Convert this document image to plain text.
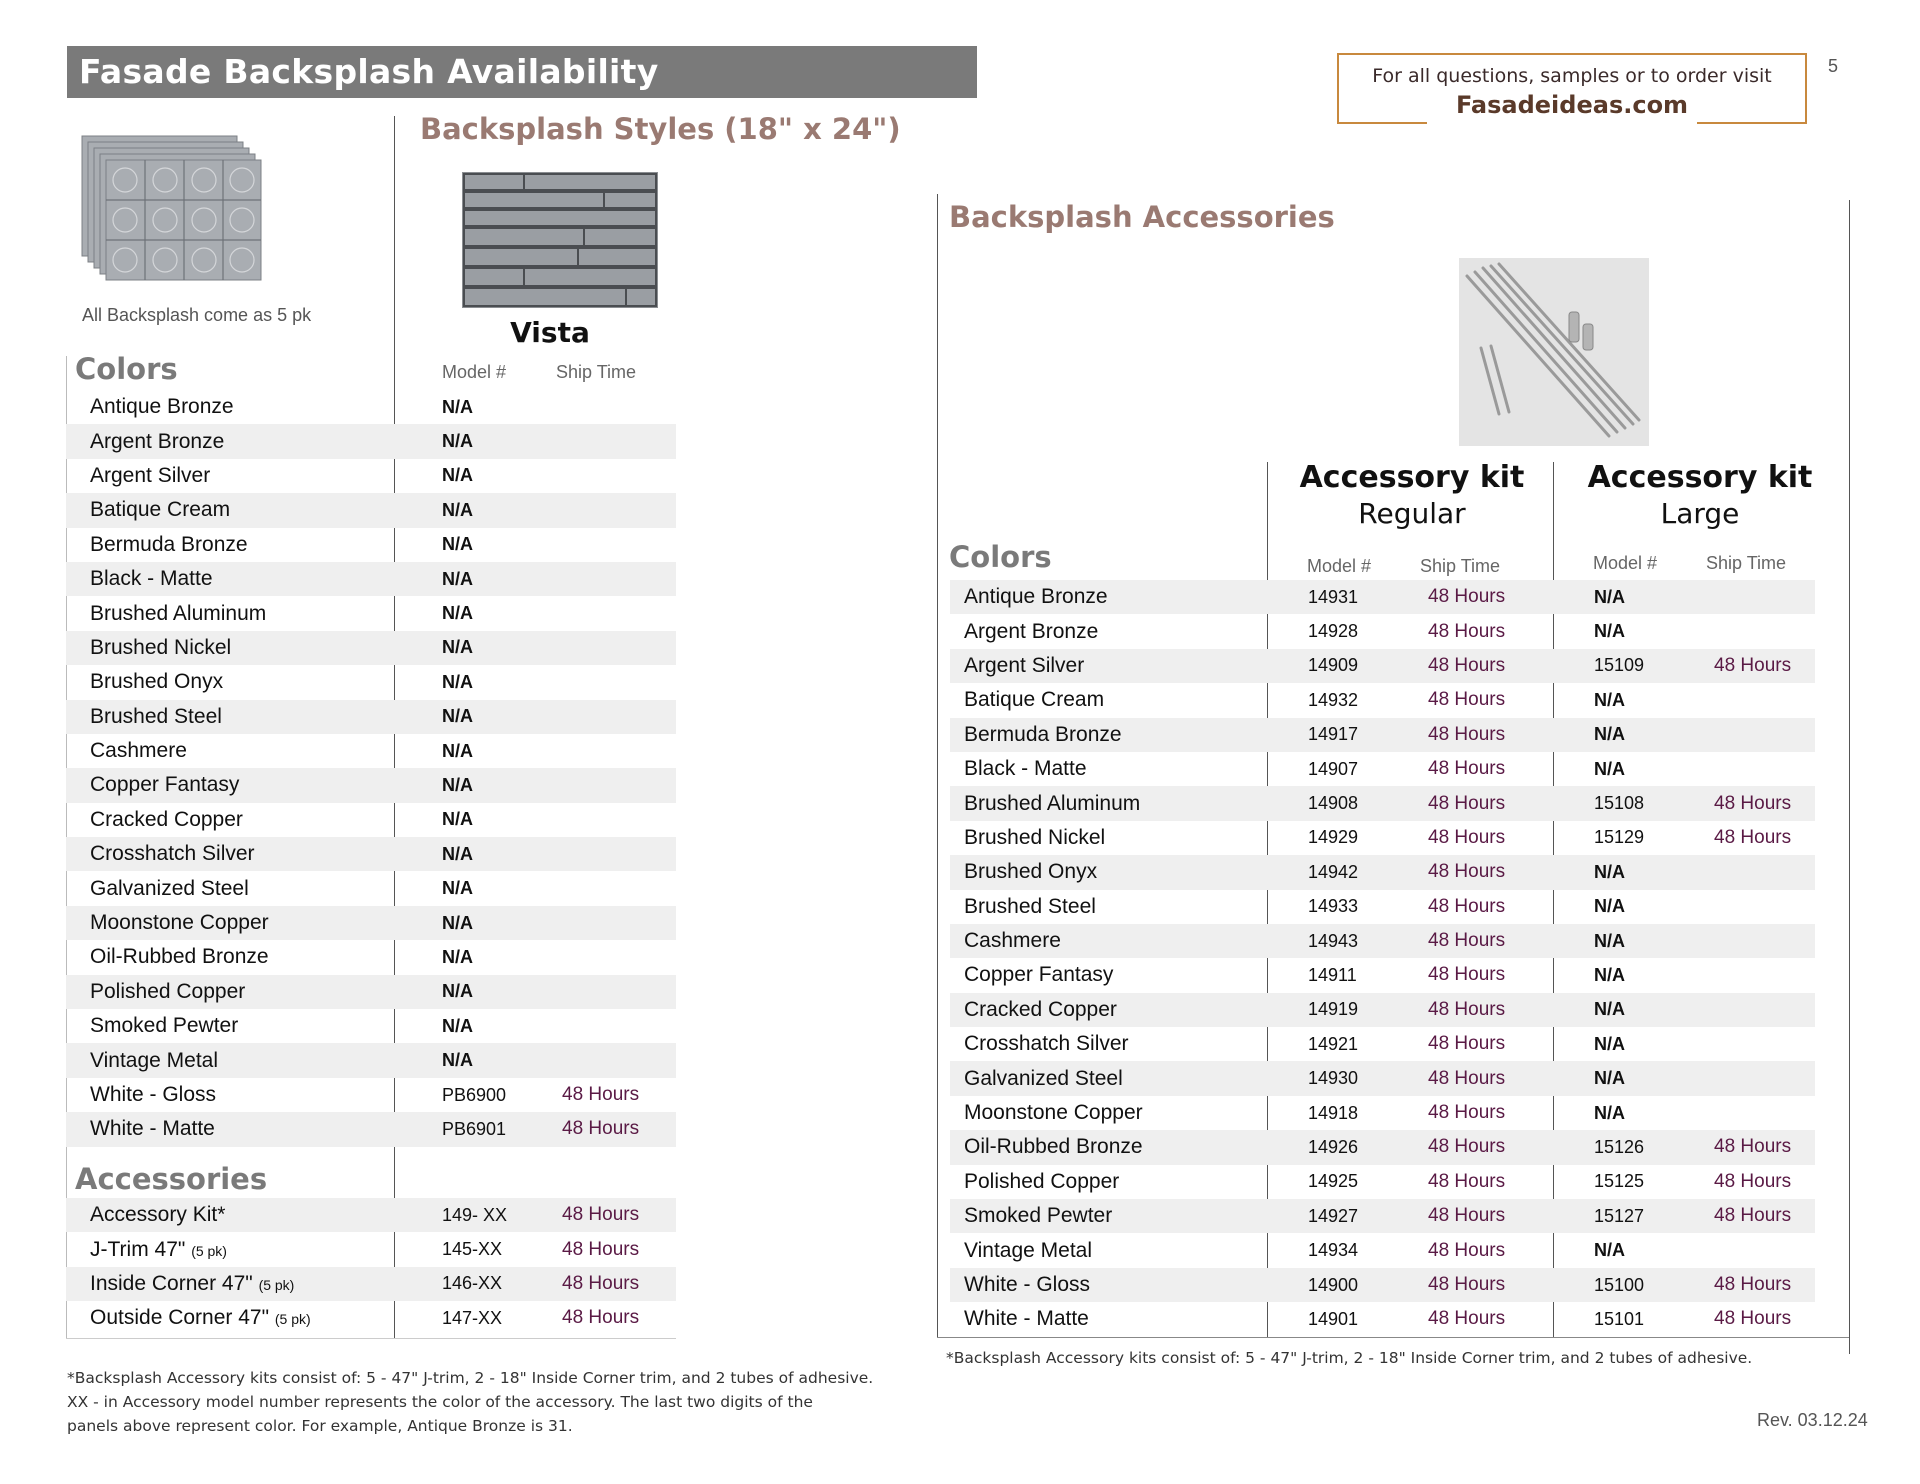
Fasade Backsplash Availability	For all questions, samples or to order visit
Fasadeideas.com
5
All Backsplash come as 5 pk
Backsplash Styles (18" x 24")
Vista
Colors	Model #	Ship Time
Antique Bronze	N/A
Argent Bronze	N/A
Argent Silver	N/A
Batique Cream	N/A
Bermuda Bronze	N/A
Black - Matte	N/A
Brushed Aluminum	N/A
Brushed Nickel	N/A
Brushed Onyx	N/A
Brushed Steel	N/A
Cashmere	N/A
Copper Fantasy	N/A
Cracked Copper	N/A
Crosshatch Silver	N/A
Galvanized Steel	N/A
Moonstone Copper	N/A
Oil-Rubbed Bronze	N/A
Polished Copper	N/A
Smoked Pewter	N/A
Vintage Metal	N/A
White - Gloss	PB6900	48 Hours
White - Matte	PB6901	48 Hours
Accessories
Accessory Kit*	149- XX	48 Hours
J-Trim 47" (5 pk)	145-XX	48 Hours
Inside Corner 47" (5 pk)	146-XX	48 Hours
Outside Corner 47" (5 pk)	147-XX	48 Hours
*Backsplash Accessory kits consist of: 5 - 47" J-trim, 2 - 18" Inside Corner trim, and 2 tubes of adhesive.
XX - in Accessory model number represents the color of the accessory. The last two digits of the
panels above represent color. For example, Antique Bronze is 31.
Backsplash Accessories
Accessory kit
Regular
Accessory kit
Large
Colors	Model #	Ship Time	Model #	Ship Time
Antique Bronze	14931	48 Hours	N/A
Argent Bronze	14928	48 Hours	N/A
Argent Silver	14909	48 Hours	15109	48 Hours
Batique Cream	14932	48 Hours	N/A
Bermuda Bronze	14917	48 Hours	N/A
Black - Matte	14907	48 Hours	N/A
Brushed Aluminum	14908	48 Hours	15108	48 Hours
Brushed Nickel	14929	48 Hours	15129	48 Hours
Brushed Onyx	14942	48 Hours	N/A
Brushed Steel	14933	48 Hours	N/A
Cashmere	14943	48 Hours	N/A
Copper Fantasy	14911	48 Hours	N/A
Cracked Copper	14919	48 Hours	N/A
Crosshatch Silver	14921	48 Hours	N/A
Galvanized Steel	14930	48 Hours	N/A
Moonstone Copper	14918	48 Hours	N/A
Oil-Rubbed Bronze	14926	48 Hours	15126	48 Hours
Polished Copper	14925	48 Hours	15125	48 Hours
Smoked Pewter	14927	48 Hours	15127	48 Hours
Vintage Metal	14934	48 Hours	N/A
White - Gloss	14900	48 Hours	15100	48 Hours
White - Matte	14901	48 Hours	15101	48 Hours
*Backsplash Accessory kits consist of: 5 - 47" J-trim, 2 - 18" Inside Corner trim, and 2 tubes of adhesive.
Rev. 03.12.24
